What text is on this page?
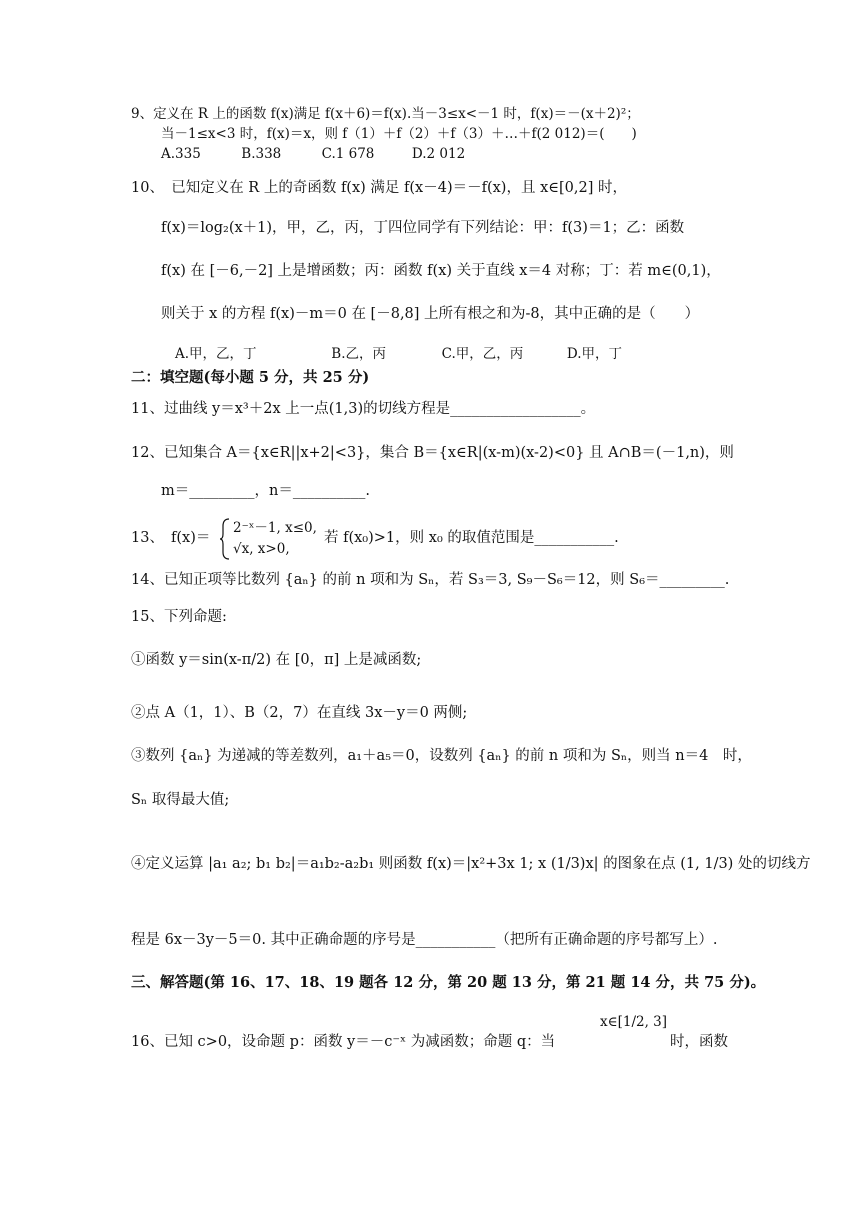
9、定义在 R 上的函数 f(x)满足 f(x＋6)＝f(x).当－3≤x<－1 时，f(x)＝－(x＋2)²；
当－1≤x<3 时，f(x)＝x，则 f（1）＋f（2）＋f（3）＋…＋f(2 012)＝(　　)
A.335	B.338	C.1 678	D.2 012
10、　已知定义在 R 上的奇函数 f(x) 满足 f(x－4)＝－f(x)，且 x∈[0,2] 时，
f(x)＝log₂(x＋1)，甲，乙，丙，丁四位同学有下列结论：甲：f(3)＝1；乙：函数
f(x) 在 [－6,－2] 上是增函数；丙：函数 f(x) 关于直线 x＝4 对称；丁：若 m∈(0,1)，
则关于 x 的方程 f(x)－m＝0 在 [－8,8] 上所有根之和为-8，其中正确的是（　　）
A.甲，乙，丁	B.乙，丙	C.甲，乙，丙	D.甲，丁
二：填空题(每小题 5 分，共 25 分)
11、过曲线 y＝x³＋2x 上一点(1,3)的切线方程是__________________。
12、已知集合 A＝{x∈R||x+2|<3}，集合 B＝{x∈R|(x-m)(x-2)<0} 且 A∩B＝(－1,n)，则
m＝_________，n＝__________.
13、 f(x)＝
2⁻ˣ－1, x≤0,
√x, x>0,
若 f(x₀)>1，则 x₀ 的取值范围是___________.
14、已知正项等比数列 {aₙ} 的前 n 项和为 Sₙ，若 S₃＝3, S₉－S₆＝12，则 S₆＝_________.
15、下列命题:
①函数 y＝sin(x-π/2) 在 [0，π] 上是减函数;
②点 A（1，1）、B（2，7）在直线 3x－y＝0 两侧;
③数列 {aₙ} 为递减的等差数列，a₁＋a₅＝0，设数列 {aₙ} 的前 n 项和为 Sₙ，则当 n＝4　时，
Sₙ 取得最大值;
④定义运算 |a₁ a₂; b₁ b₂|＝a₁b₂-a₂b₁ 则函数 f(x)＝|x²+3x 1; x (1/3)x| 的图象在点 (1, 1/3) 处的切线方
程是 6x－3y－5＝0. 其中正确命题的序号是___________（把所有正确命题的序号都写上）.
三、解答题(第 16、17、18、19 题各 12 分，第 20 题 13 分，第 21 题 14 分，共 75 分)。
16、已知 c>0，设命题 p：函数 y＝－c⁻ˣ 为减函数；命题 q：当
x∈[1/2, 3]
时，函数
